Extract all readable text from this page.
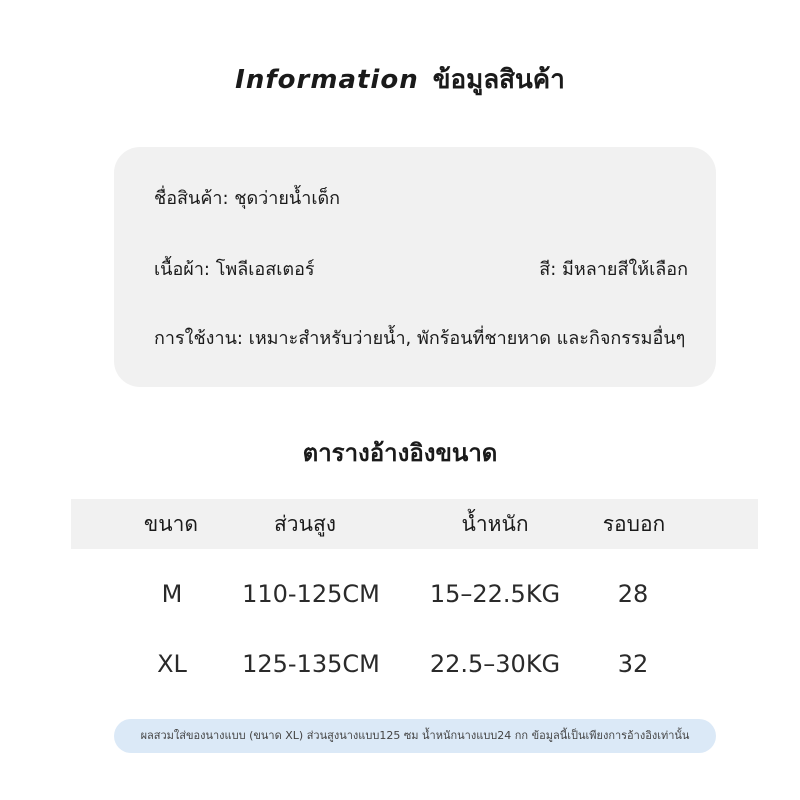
Information ข้อมูลสินค้า
ชื่อสินค้า: ชุดว่ายน้ำเด็ก
เนื้อผ้า: โพลีเอสเตอร์	สี: มีหลายสีให้เลือก
การใช้งาน: เหมาะสำหรับว่ายน้ำ, พักร้อนที่ชายหาด และกิจกรรมอื่นๆ
ตารางอ้างอิงขนาด
ขนาด	ส่วนสูง	น้ำหนัก	รอบอก
M 110-125CM 15–22.5KG 28
XL 125-135CM 22.5–30KG 32
ผลสวมใส่ของนางแบบ (ขนาด XL) ส่วนสูงนางแบบ125 ซม น้ำหนักนางแบบ24 กก ข้อมูลนี้เป็นเพียงการอ้างอิงเท่านั้น
